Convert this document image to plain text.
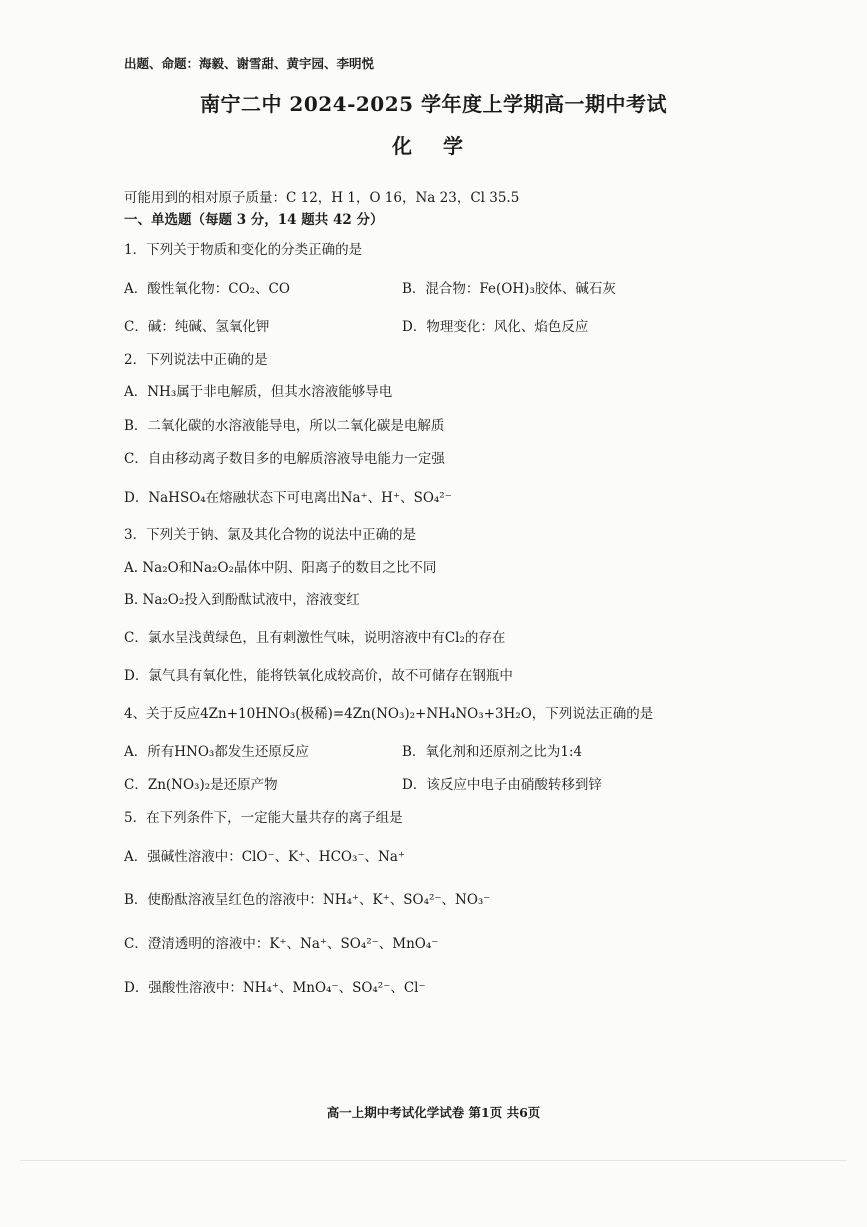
出题、命题：海毅、谢雪甜、黄宇园、李明悦
南宁二中 2024-2025 学年度上学期高一期中考试
化 学
可能用到的相对原子质量：C 12，H 1，O 16，Na 23，Cl 35.5
一、单选题（每题 3 分，14 题共 42 分）
1．下列关于物质和变化的分类正确的是
A．酸性氧化物：CO₂、CO	B．混合物：Fe(OH)₃胶体、碱石灰
C．碱：纯碱、氢氧化钾	D．物理变化：风化、焰色反应
2．下列说法中正确的是
A．NH₃属于非电解质，但其水溶液能够导电
B．二氧化碳的水溶液能导电，所以二氧化碳是电解质
C．自由移动离子数目多的电解质溶液导电能力一定强
D．NaHSO₄在熔融状态下可电离出Na⁺、H⁺、SO₄²⁻
3．下列关于钠、氯及其化合物的说法中正确的是
A. Na₂O和Na₂O₂晶体中阴、阳离子的数目之比不同
B. Na₂O₂投入到酚酞试液中，溶液变红
C．氯水呈浅黄绿色，且有刺激性气味，说明溶液中有Cl₂的存在
D．氯气具有氧化性，能将铁氧化成较高价，故不可储存在钢瓶中
4、关于反应4Zn+10HNO₃(极稀)=4Zn(NO₃)₂+NH₄NO₃+3H₂O，下列说法正确的是
A．所有HNO₃都发生还原反应	B．氧化剂和还原剂之比为1:4
C．Zn(NO₃)₂是还原产物	D．该反应中电子由硝酸转移到锌
5．在下列条件下，一定能大量共存的离子组是
A．强碱性溶液中：ClO⁻、K⁺、HCO₃⁻、Na⁺
B．使酚酞溶液呈红色的溶液中：NH₄⁺、K⁺、SO₄²⁻、NO₃⁻
C．澄清透明的溶液中：K⁺、Na⁺、SO₄²⁻、MnO₄⁻
D．强酸性溶液中：NH₄⁺、MnO₄⁻、SO₄²⁻、Cl⁻
高一上期中考试化学试卷 第1页 共6页
